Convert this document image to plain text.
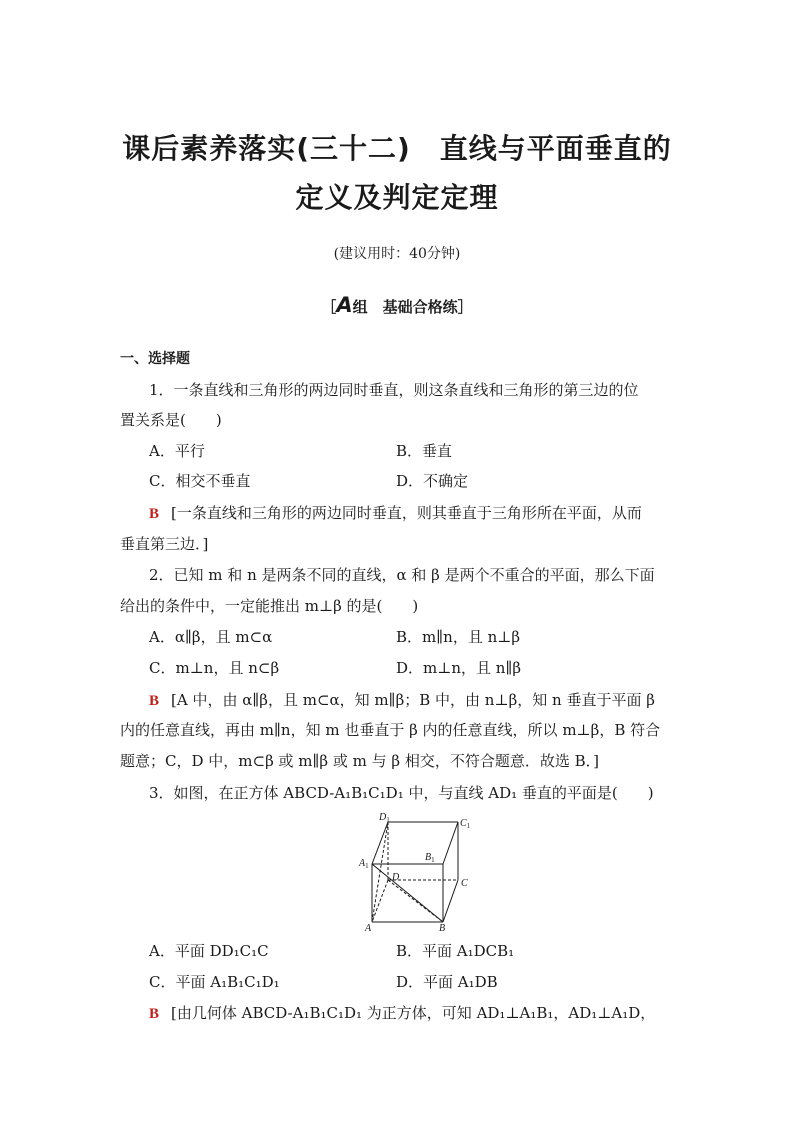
课后素养落实(三十二)　直线与平面垂直的
定义及判定定理
(建议用时：40分钟)
［A组　基础合格练］
一、选择题
1．一条直线和三角形的两边同时垂直，则这条直线和三角形的第三边的位
置关系是(　　)
A．平行	B．垂直
C．相交不垂直	D．不确定
B [一条直线和三角形的两边同时垂直，则其垂直于三角形所在平面，从而
垂直第三边．]
2．已知 m 和 n 是两条不同的直线，α 和 β 是两个不重合的平面，那么下面
给出的条件中，一定能推出 m⊥β 的是(　　)
A．α∥β，且 m⊂α	B．m∥n，且 n⊥β
C．m⊥n，且 n⊂β	D．m⊥n，且 n∥β
B [A 中，由 α∥β，且 m⊂α，知 m∥β；B 中，由 n⊥β，知 n 垂直于平面 β
内的任意直线，再由 m∥n，知 m 也垂直于 β 内的任意直线，所以 m⊥β，B 符合
题意；C，D 中，m⊂β 或 m∥β 或 m 与 β 相交，不符合题意．故选 B．]
3．如图，在正方体 ABCD-A₁B₁C₁D₁ 中，与直线 AD₁ 垂直的平面是(　　)
$D_1$	$C_1$
$A_1$
$B_1$
D
C
A	B
A．平面 DD₁C₁C	B．平面 A₁DCB₁
C．平面 A₁B₁C₁D₁	D．平面 A₁DB
B [由几何体 ABCD-A₁B₁C₁D₁ 为正方体，可知 AD₁⊥A₁B₁，AD₁⊥A₁D，
